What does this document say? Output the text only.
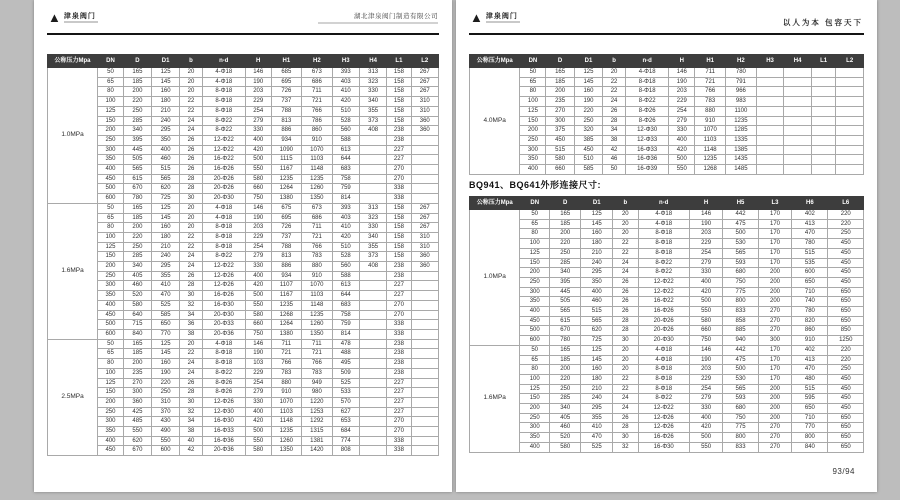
▲ 津泉阀门	湖北津泉阀门制造有限公司
公称压力Mpa	DN	D	D1	b	n-d	H	H1	H2	H3	H4	L1	L2
1.0MPa	50	165	125	20	4-Φ18	146	685	673	393	313	158	267
	65	185	145	20	4-Φ18	190	695	686	403	323	158	267
	80	200	160	20	8-Φ18	203	726	711	410	330	158	267
	100	220	180	22	8-Φ18	229	737	721	420	340	158	310
	125	250	210	22	8-Φ18	254	788	766	510	355	158	310
	150	285	240	24	8-Φ22	279	813	786	528	373	158	360
	200	340	295	24	8-Φ22	330	886	860	560	408	238	360
	250	395	350	26	12-Φ22	400	934	910	588		238	
	300	445	400	26	12-Φ22	420	1090	1070	613		227	
	350	505	460	26	16-Φ22	500	1115	1103	644		227	
	400	565	515	26	16-Φ26	550	1167	1148	683		270	
	450	615	565	28	20-Φ26	580	1235	1235	758		270	
	500	670	620	28	20-Φ26	660	1264	1260	759		338	
	600	780	725	30	20-Φ30	750	1380	1350	814		338	
1.6MPa	50	165	125	20	4-Φ18	146	675	673	393	313	158	267
	65	185	145	20	4-Φ18	190	695	686	403	323	158	267
	80	200	160	20	8-Φ18	203	726	711	410	330	158	267
	100	220	180	22	8-Φ18	229	737	721	420	340	158	310
	125	250	210	22	8-Φ18	254	788	766	510	355	158	310
	150	285	240	24	8-Φ22	279	813	783	528	373	158	360
	200	340	295	24	12-Φ22	330	886	880	560	408	238	360
	250	405	355	26	12-Φ26	400	934	910	588		238	
	300	460	410	28	12-Φ26	420	1107	1070	613		227	
	350	520	470	30	16-Φ26	500	1167	1103	644		227	
	400	580	525	32	16-Φ30	550	1235	1148	683		270	
	450	640	585	34	20-Φ30	580	1268	1235	758		270	
	500	715	650	36	20-Φ33	660	1264	1260	759		338	
	600	840	770	38	20-Φ36	750	1380	1350	814		338	
2.5MPa	50	165	125	20	4-Φ18	146	711	711	478		238	
	65	185	145	22	8-Φ18	190	721	721	488		238	
	80	200	160	24	8-Φ18	103	766	766	495		238	
	100	235	190	24	8-Φ22	229	783	783	509		238	
	125	270	220	26	8-Φ26	254	880	949	525		227	
	150	300	250	28	8-Φ26	279	910	980	533		227	
	200	360	310	30	12-Φ26	330	1070	1220	570		227	
	250	425	370	32	12-Φ30	400	1103	1253	627		227	
	300	485	430	34	16-Φ30	420	1148	1292	653		270	
	350	550	490	38	16-Φ33	500	1235	1315	684		270	
	400	620	550	40	16-Φ36	550	1260	1381	774		338	
	450	670	600	42	20-Φ36	580	1350	1420	808		338	
▲ 津泉阀门
以人为本 包容天下
公称压力Mpa	DN	D	D1	b	n-d	H	H1	H2	H3	H4	L1	L2
4.0MPa	50	165	125	20	4-Φ18	146	711	780				
	65	185	145	22	8-Φ18	190	721	791				
	80	200	160	22	8-Φ18	203	766	966				
	100	235	190	24	8-Φ22	229	783	983				
	125	270	220	26	8-Φ26	254	880	1100				
	150	300	250	28	8-Φ26	279	910	1235				
	200	375	320	34	12-Φ30	330	1070	1285				
	250	450	385	38	12-Φ33	400	1103	1335				
	300	515	450	42	16-Φ33	420	1148	1385				
	350	580	510	46	16-Φ36	500	1235	1435				
	400	660	585	50	16-Φ39	550	1268	1485				
BQ941、BQ641外形连接尺寸:
公称压力Mpa	DN	D	D1	b	n-d	H	H5	L3	H6	L6
1.0MPa	50	165	125	20	4-Φ18	146	442	170	402	220
	65	185	145	20	4-Φ18	190	475	170	413	220
	80	200	160	20	8-Φ18	203	500	170	470	250
	100	220	180	22	8-Φ18	229	530	170	780	450
	125	250	210	22	8-Φ18	254	565	170	515	450
	150	285	240	24	8-Φ22	279	593	170	535	450
	200	340	295	24	8-Φ22	330	680	200	600	450
	250	395	350	26	12-Φ22	400	750	200	650	450
	300	445	400	26	12-Φ22	420	775	200	710	650
	350	505	460	26	16-Φ22	500	800	200	740	650
	400	565	515	26	16-Φ26	550	833	270	780	650
	450	615	565	28	20-Φ26	580	858	270	820	650
	500	670	620	28	20-Φ26	660	885	270	860	850
	600	780	725	30	20-Φ30	750	940	300	910	1250
1.6MPa	50	165	125	20	4-Φ18	146	442	170	402	220
	65	185	145	20	4-Φ18	190	475	170	413	220
	80	200	160	20	8-Φ18	203	500	170	470	250
	100	220	180	22	8-Φ18	229	530	170	480	450
	125	250	210	22	8-Φ18	254	565	200	515	450
	150	285	240	24	8-Φ22	279	593	200	595	450
	200	340	295	24	12-Φ22	330	680	200	650	450
	250	405	355	26	12-Φ26	400	750	200	710	650
	300	460	410	28	12-Φ26	420	775	270	770	650
	350	520	470	30	16-Φ26	500	800	270	800	650
	400	580	525	32	16-Φ30	550	833	270	840	650
93/94
